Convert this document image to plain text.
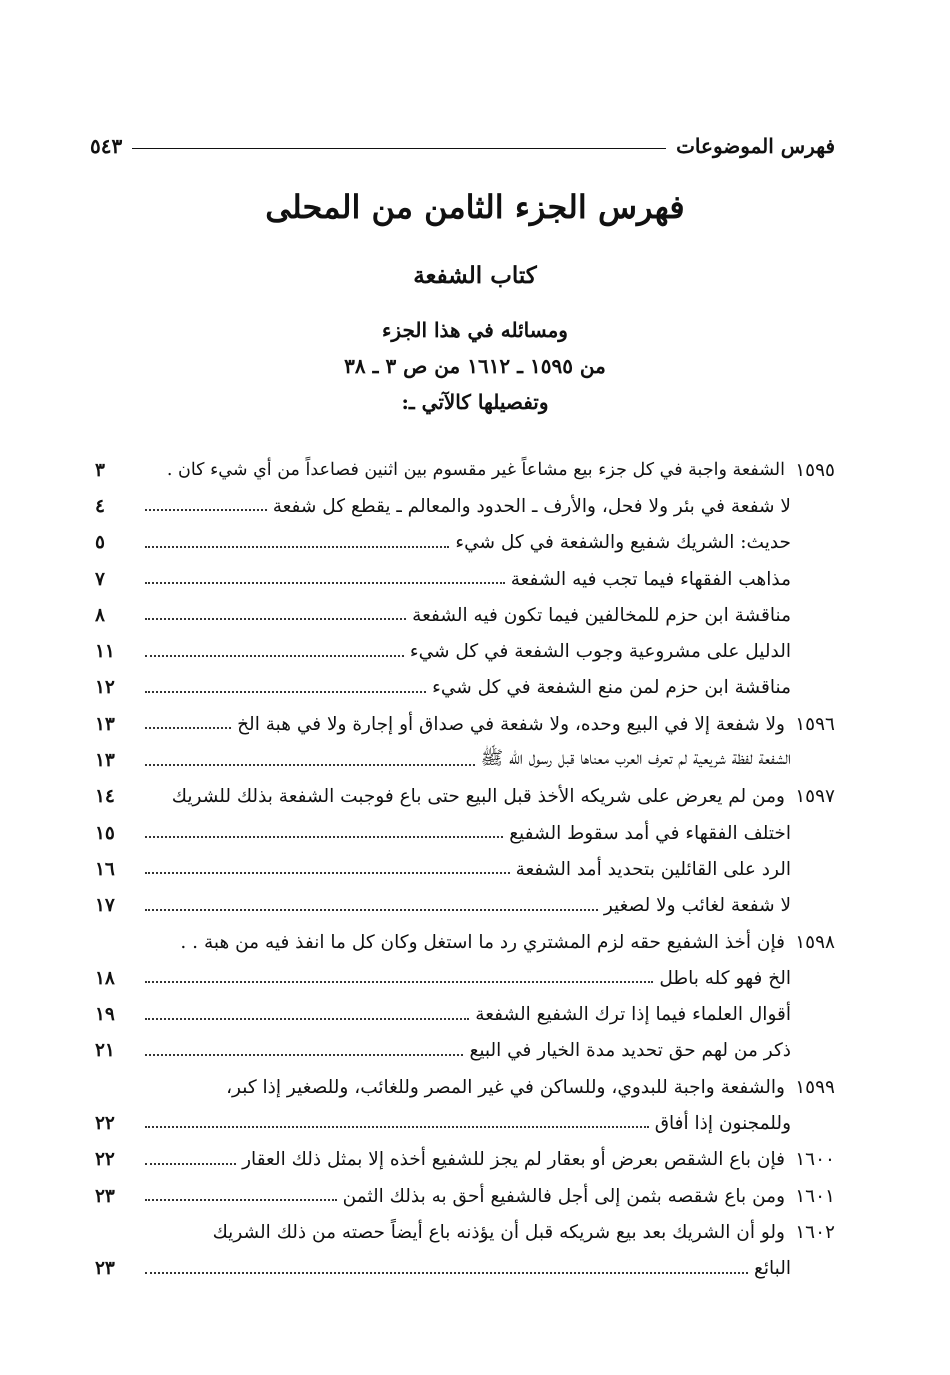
فهرس الموضوعات
٥٤٣
فهرس الجزء الثامن من المحلى
كتاب الشفعة
ومسائله في هذا الجزء
من ١٥٩٥ ـ ١٦١٢ من ص ٣ ـ ٣٨
وتفصيلها كالآتي ـ:
١٥٩٥
الشفعة واجبة في كل جزء بيع مشاعاً غير مقسوم بين اثنين فصاعداً من أي شيء كان .
٣
لا شفعة في بئر ولا فحل، والأرف ـ الحدود والمعالم ـ يقطع كل شفعة
٤
حديث: الشريك شفيع والشفعة في كل شيء
٥
مذاهب الفقهاء فيما تجب فيه الشفعة
٧
مناقشة ابن حزم للمخالفين فيما تكون فيه الشفعة
٨
الدليل على مشروعية وجوب الشفعة في كل شيء
١١
مناقشة ابن حزم لمن منع الشفعة في كل شيء
١٢
١٥٩٦
ولا شفعة إلا في البيع وحده، ولا شفعة في صداق أو إجارة ولا في هبة الخ
١٣
الشفعة لفظة شريعية لم تعرف العرب معناها قبل رسول الله ﷺ
١٣
١٥٩٧
ومن لم يعرض على شريكه الأخذ قبل البيع حتى باع فوجبت الشفعة بذلك للشريك
١٤
اختلف الفقهاء في أمد سقوط الشفيع
١٥
الرد على القائلين بتحديد أمد الشفعة
١٦
لا شفعة لغائب ولا لصغير
١٧
١٥٩٨
فإن أخذ الشفيع حقه لزم المشتري رد ما استغل وكان كل ما انفذ فيه من هبة . .
الخ فهو كله باطل
١٨
أقوال العلماء فيما إذا ترك الشفيع الشفعة
١٩
ذكر من لهم حق تحديد مدة الخيار في البيع
٢١
١٥٩٩
والشفعة واجبة للبدوي، وللساكن في غير المصر وللغائب، وللصغير إذا كبر،
وللمجنون إذا أفاق
٢٢
١٦٠٠
فإن باع الشقص بعرض أو بعقار لم يجز للشفيع أخذه إلا بمثل ذلك العقار
٢٢
١٦٠١
ومن باع شقصه بثمن إلى أجل فالشفيع أحق به بذلك الثمن
٢٣
١٦٠٢
ولو أن الشريك بعد بيع شريكه قبل أن يؤذنه باع أيضاً حصته من ذلك الشريك
البائع
٢٣
